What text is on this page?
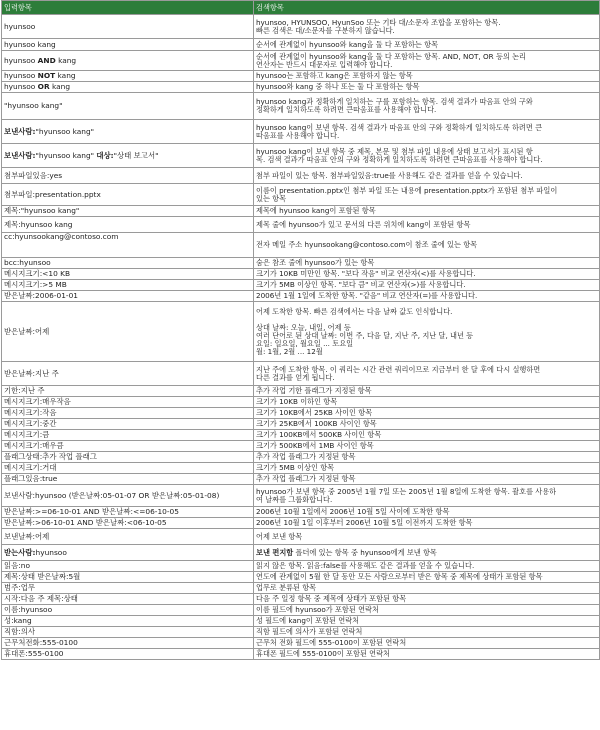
입력항목	검색항목
hyunsoo	hyunsoo, HYUNSOO, HyunSoo 또는 기타 대/소문자 조합을 포함하는 항목.
빠른 검색은 대/소문자를 구분하지 않습니다.

hyunsoo kang	순서에 관계없이 hyunsoo와 kang을 둘 다 포함하는 항목

hyunsoo AND kang	순서에 관계없이 hyunsoo와 kang을 둘 다 포함하는 항목. AND, NOT, OR 등의 논리
연산자는 반드시 대문자로 입력해야 합니다.

hyunsoo NOT kang	hyunsoo는 포함하고 kang은 포함하지 않는 항목

hyunsoo OR kang	hyunsoo와 kang 중 하나 또는 둘 다 포함하는 항목

"hyunsoo kang"	hyunsoo kang과 정확하게 일치하는 구를 포함하는 항목. 검색 결과가 따옴표 안의 구와
정확하게 일치하도록 하려면 큰따옴표를 사용해야 합니다.

보낸사람:"hyunsoo kang"	hyunsoo kang이 보낸 항목. 검색 결과가 따옴표 안의 구와 정확하게 일치하도록 하려면 큰
따옴표를 사용해야 합니다.

보낸사람:"hyunsoo kang" 대상:"상태 보고서"	hyunsoo kang이 보낸 항목 중 제목, 본문 및 첨부 파일 내용에 상태 보고서가 표시된 항
목. 검색 결과가 따옴표 안의 구와 정확하게 일치하도록 하려면 큰따옴표를 사용해야 합니다.

첨부파일있음:yes	첨부 파일이 있는 항목. 첨부파일있음:true를 사용해도 같은 결과를 얻을 수 있습니다.

첨부파일:presentation.pptx	이름이 presentation.pptx인 첨부 파일 또는 내용에 presentation.pptx가 포함된 첨부 파일이
있는 항목

제목:"hyunsoo kang"	제목에 hyunsoo kang이 포함된 항목

제목:hyunsoo kang	제목 줄에 hyunsoo가 있고 문서의 다른 위치에 kang이 포함된 항목

cc:hyunsookang@contoso.com	전자 메일 주소 hyunsookang@contoso.com이 참조 줄에 있는 항목

bcc:hyunsoo	숨은 참조 줄에 hyunsoo가 있는 항목

메시지크기:<10 KB	크기가 10KB 미만인 항목. "보다 작음" 비교 연산자(<)를 사용합니다.

메시지크기:>5 MB	크기가 5MB 이상인 항목. "보다 큼" 비교 연산자(>)를 사용합니다.

받은날짜:2006-01-01	2006년 1월 1일에 도착한 항목. "같음" 비교 연산자(=)를 사용합니다.

받은날짜:어제	어제 도착한 항목. 빠른 검색에서는 다음 날짜 값도 인식합니다.
상대 날짜: 오늘, 내일, 어제 등
여러 단어로 된 상대 날짜: 이번 주, 다음 달, 지난 주, 지난 달, 내년 등
요일: 일요일, 월요일 ... 토요일
월: 1월, 2월 ... 12월

받은날짜:지난 주	지난 주에 도착한 항목. 이 쿼리는 시간 관련 쿼리이므로 지금부터 한 달 후에 다시 실행하면
다른 결과를 얻게 됩니다.

기한:지난 주	추가 작업 기한 플래그가 지정된 항목

메시지크기:매우작음	크기가 10KB 이하인 항목

메시지크기:작음	크기가 10KB에서 25KB 사이인 항목

메시지크기:중간	크기가 25KB에서 100KB 사이인 항목

메시지크기:큼	크기가 100KB에서 500KB 사이인 항목

메시지크기:매우큼	크기가 500KB에서 1MB 사이인 항목

플래그상태:추가 작업 플래그	추가 작업 플래그가 지정된 항목

메시지크기:거대	크기가 5MB 이상인 항목

플래그있음:true	추가 작업 플래그가 지정된 항목

보낸사람:hyunsoo (받은날짜:05-01-07 OR 받은날짜:05-01-08)	hyunsoo가 보낸 항목 중 2005년 1월 7일 또는 2005년 1월 8일에 도착한 항목. 괄호를 사용하
여 날짜를 그룹화합니다.

받은날짜:>=06-10-01 AND 받은날짜:<=06-10-05	2006년 10월 1일에서 2006년 10월 5일 사이에 도착한 항목

받은날짜:>06-10-01 AND 받은날짜:<06-10-05	2006년 10월 1일 이후부터 2006년 10월 5일 이전까지 도착한 항목

보낸날짜:어제	어제 보낸 항목

받는사람:hyunsoo	보낸 편지함 폴더에 있는 항목 중 hyunsoo에게 보낸 항목
읽음:no	읽지 않은 항목. 읽음:false를 사용해도 같은 결과를 얻을 수 있습니다.

제목:상태 받은날짜:5월	연도에 관계없이 5월 한 달 동안 모든 사람으로부터 받은 항목 중 제목에 상태가 포함된 항목

범주:업무	업무로 분류된 항목

시작:다음 주 제목:상태	다음 주 일정 항목 중 제목에 상태가 포함된 항목

이름:hyunsoo	이름 필드에 hyunsoo가 포함된 연락처

성:kang	성 필드에 kang이 포함된 연락처

직함:의사	직함 필드에 의사가 포함된 연락처

근무처전화:555-0100	근무처 전화 필드에 555-0100이 포함된 연락처

휴대폰:555-0100	휴대폰 필드에 555-0100이 포함된 연락처
